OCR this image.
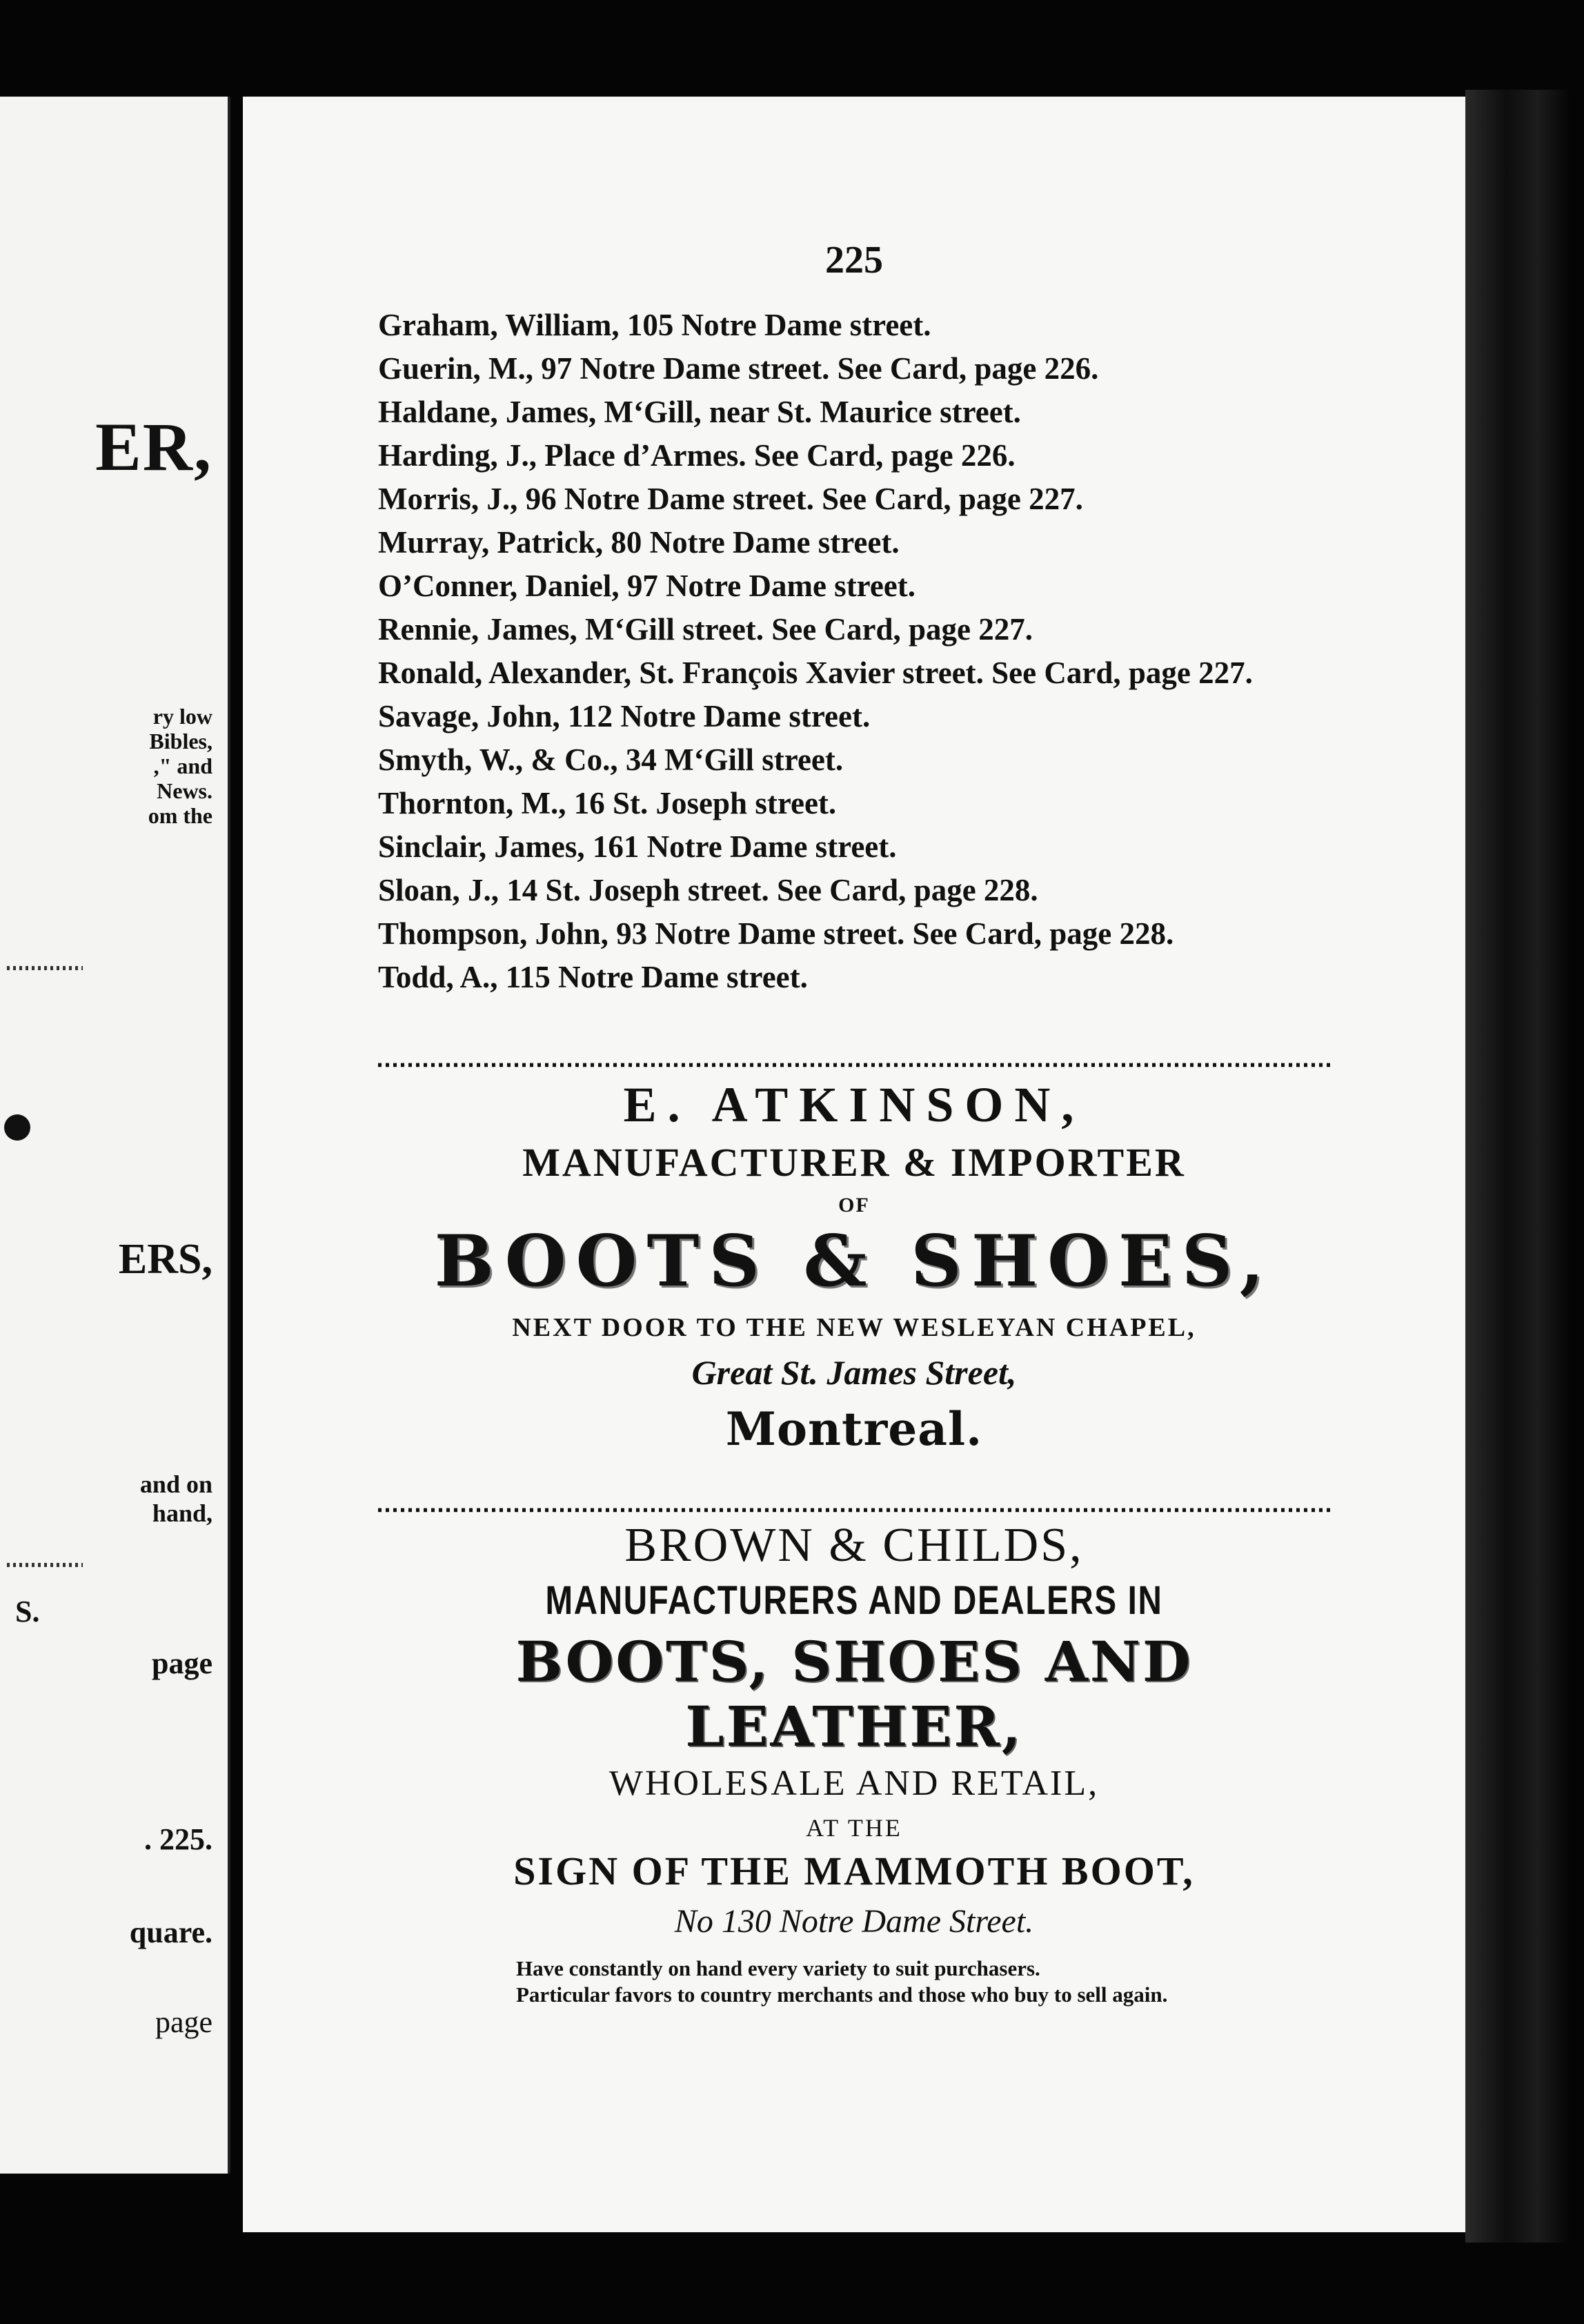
ER,
ry low
Bibles,
," and
News.
om the
ERS,
and on
hand,
S.
page
. 225.
quare.
page
225
Graham, William, 105 Notre Dame street.
Guerin, M., 97 Notre Dame street. See Card, page 226.
Haldane, James, M‘Gill, near St. Maurice street.
Harding, J., Place d’Armes. See Card, page 226.
Morris, J., 96 Notre Dame street. See Card, page 227.
Murray, Patrick, 80 Notre Dame street.
O’Conner, Daniel, 97 Notre Dame street.
Rennie, James, M‘Gill street. See Card, page 227.
Ronald, Alexander, St. François Xavier street. See Card, page 227.
Savage, John, 112 Notre Dame street.
Smyth, W., & Co., 34 M‘Gill street.
Thornton, M., 16 St. Joseph street.
Sinclair, James, 161 Notre Dame street.
Sloan, J., 14 St. Joseph street. See Card, page 228.
Thompson, John, 93 Notre Dame street. See Card, page 228.
Todd, A., 115 Notre Dame street.
E. ATKINSON,
MANUFACTURER & IMPORTER
OF
BOOTS & SHOES,
NEXT DOOR TO THE NEW WESLEYAN CHAPEL,
Great St. James Street,
Montreal.
BROWN & CHILDS,
MANUFACTURERS AND DEALERS IN
BOOTS, SHOES AND LEATHER,
WHOLESALE AND RETAIL,
AT THE
SIGN OF THE MAMMOTH BOOT,
No 130 Notre Dame Street.
Have constantly on hand every variety to suit purchasers.
Particular favors to country merchants and those who buy to sell again.
